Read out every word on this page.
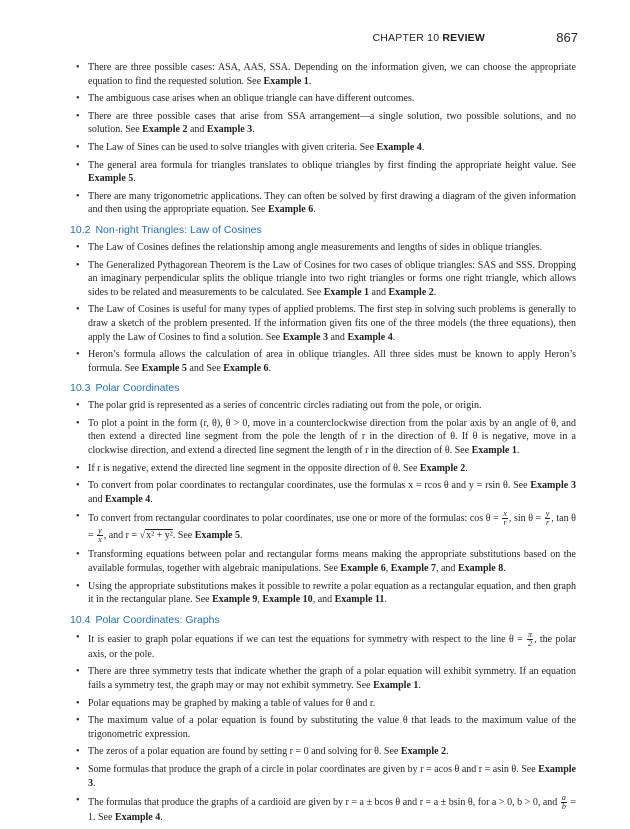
CHAPTER 10 REVIEW	867
• There are three possible cases: ASA, AAS, SSA. Depending on the information given, we can choose the appropriate equation to find the requested solution. See Example 1.
• The ambiguous case arises when an oblique triangle can have different outcomes.
• There are three possible cases that arise from SSA arrangement—a single solution, two possible solutions, and no solution. See Example 2 and Example 3.
• The Law of Sines can be used to solve triangles with given criteria. See Example 4.
• The general area formula for triangles translates to oblique triangles by first finding the appropriate height value. See Example 5.
• There are many trigonometric applications. They can often be solved by first drawing a diagram of the given information and then using the appropriate equation. See Example 6.
10.2 Non-right Triangles: Law of Cosines
• The Law of Cosines defines the relationship among angle measurements and lengths of sides in oblique triangles.
• The Generalized Pythagorean Theorem is the Law of Cosines for two cases of oblique triangles: SAS and SSS. Dropping an imaginary perpendicular splits the oblique triangle into two right triangles or forms one right triangle, which allows sides to be related and measurements to be calculated. See Example 1 and Example 2.
• The Law of Cosines is useful for many types of applied problems. The first step in solving such problems is generally to draw a sketch of the problem presented. If the information given fits one of the three models (the three equations), then apply the Law of Cosines to find a solution. See Example 3 and Example 4.
• Heron’s formula allows the calculation of area in oblique triangles. All three sides must be known to apply Heron’s formula. See Example 5 and See Example 6.
10.3 Polar Coordinates
• The polar grid is represented as a series of concentric circles radiating out from the pole, or origin.
• To plot a point in the form (r, θ), θ > 0, move in a counterclockwise direction from the polar axis by an angle of θ, and then extend a directed line segment from the pole the length of r in the direction of θ. If θ is negative, move in a clockwise direction, and extend a directed line segment the length of r in the direction of θ. See Example 1.
• If r is negative, extend the directed line segment in the opposite direction of θ. See Example 2.
• To convert from polar coordinates to rectangular coordinates, use the formulas x = rcos θ and y = rsin θ. See Example 3 and Example 4.
• To convert from rectangular coordinates to polar coordinates, use one or more of the formulas: $\cos \theta = \frac{x}{r}$ , $\sin \theta = \frac{y}{r}$ , $\tan \theta = \frac{y}{x}$ , and r = √x² + y². See Example 5.
• Transforming equations between polar and rectangular forms means making the appropriate substitutions based on the available formulas, together with algebraic manipulations. See Example 6, Example 7, and Example 8.
• Using the appropriate substitutions makes it possible to rewrite a polar equation as a rectangular equation, and then graph it in the rectangular plane. See Example 9, Example 10, and Example 11.
10.4 Polar Coordinates: Graphs
• It is easier to graph polar equations if we can test the equations for symmetry with respect to the line $\theta = \frac{\pi}{2}$ , the polar axis, or the pole.
• There are three symmetry tests that indicate whether the graph of a polar equation will exhibit symmetry. If an equation fails a symmetry test, the graph may or may not exhibit symmetry. See Example 1.
• Polar equations may be graphed by making a table of values for θ and r.
• The maximum value of a polar equation is found by substituting the value θ that leads to the maximum value of the trigonometric expression.
• The zeros of a polar equation are found by setting r = 0 and solving for θ. See Example 2.
• Some formulas that produce the graph of a circle in polar coordinates are given by r = acos θ and r = asin θ. See Example 3.
• The formulas that produce the graphs of a cardioid are given by r = a ± bcos θ and r = a ± bsin θ, for a > 0, b > 0, and $\frac{a}{b} = 1$. See Example 4.
